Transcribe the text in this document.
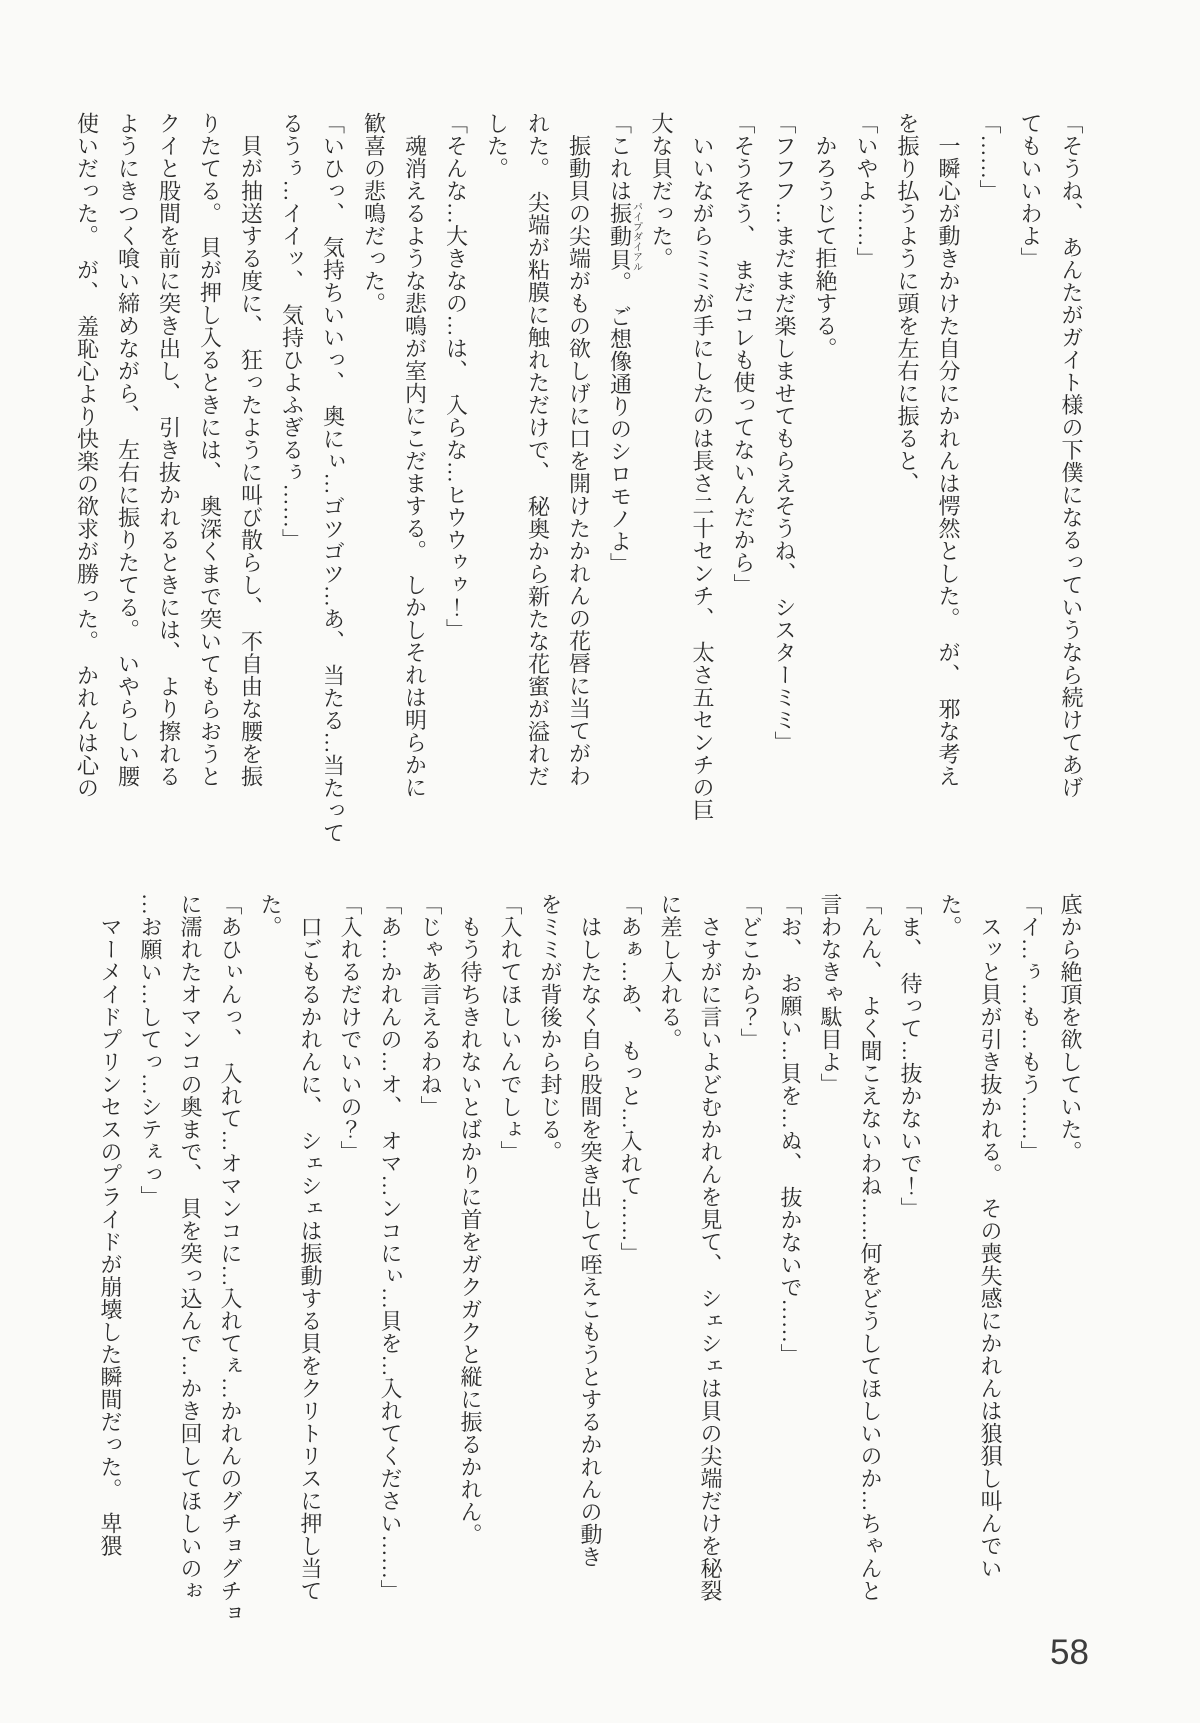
「そうね、　あんたがガイト様の下僕になるっていうなら続けてあげ
てもいいわよ」
「……」
　一瞬心が動きかけた自分にかれんは愕然とした。　が、　邪な考え
を振り払うように頭を左右に振ると、
「いやよ……」
　かろうじて拒絶する。
「フフフ…まだまだ楽しませてもらえそうね、　シスターミミ」
「そうそう、　まだコレも使ってないんだから」
　いいながらミミが手にしたのは長さ二十センチ、　太さ五センチの巨
大な貝だった。
「これは振動貝パイプダイアル。　ご想像通りのシロモノよ」
　振動貝の尖端がもの欲しげに口を開けたかれんの花唇に当てがわ
れた。　尖端が粘膜に触れただけで、　秘奥から新たな花蜜が溢れだ
した。
「そんな…大きなの…は、　入らな…ヒウウゥゥ！」
　魂消えるような悲鳴が室内にこだまする。　しかしそれは明らかに
歓喜の悲鳴だった。
「いひっ、　気持ちいいっ、　奥にぃ…ゴツゴツ…あ、　当たる…当たって
るうぅ…イイッ、　気持ひよふぎるぅ……」
　貝が抽送する度に、　狂ったように叫び散らし、　不自由な腰を振
りたてる。　貝が押し入るときには、　奥深くまで突いてもらおうと
クイと股間を前に突き出し、　引き抜かれるときには、　より擦れる
ようにきつく喰い締めながら、　左右に振りたてる。　いやらしい腰
使いだった。　が、　羞恥心より快楽の欲求が勝った。　かれんは心の
底から絶頂を欲していた。
「イ…ぅ…も…もう……」
　スッと貝が引き抜かれる。　その喪失感にかれんは狼狽し叫んでい
た。
「ま、　待って…抜かないで！」
「んん、　よく聞こえないわね……何をどうしてほしいのか…ちゃんと
言わなきゃ駄目よ」
「お、　お願い…貝を…ぬ、　抜かないで……」
「どこから？」
　さすがに言いよどむかれんを見て、　シェシェは貝の尖端だけを秘裂
に差し入れる。
「あぁ…あ、　もっと…入れて……」
　はしたなく自ら股間を突き出して咥えこもうとするかれんの動き
をミミが背後から封じる。
「入れてほしいんでしょ」
　もう待ちきれないとばかりに首をガクガクと縦に振るかれん。
「じゃあ言えるわね」
「あ…かれんの…オ、　オマ…ンコにぃ…貝を…入れてください……」
「入れるだけでいいの？」
　口ごもるかれんに、　シェシェは振動する貝をクリトリスに押し当て
た。
「あひぃんっ、　入れて…オマンコに…入れてぇ…かれんのグチョグチョ
に濡れたオマンコの奥まで、　貝を突っ込んで…かき回してほしいのぉ
…お願い…してっ…シテぇっ」
　マーメイドプリンセスのプライドが崩壊した瞬間だった。　卑猥
58
